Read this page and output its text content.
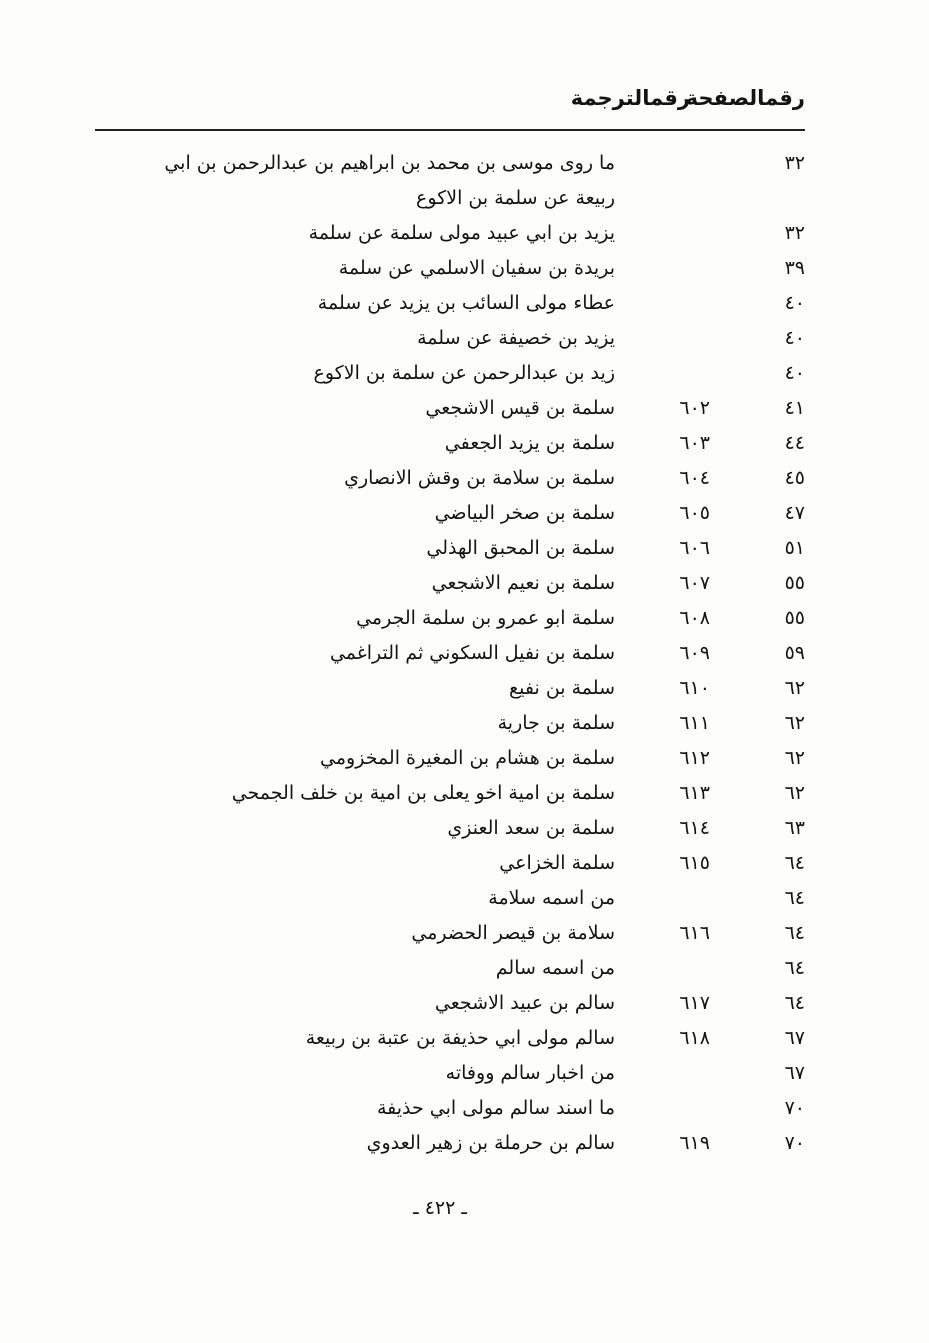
رقمالصفحة
رقمالترجمة
٣٢
ما روى موسى بن محمد بن ابراهيم بن عبدالرحمن بن ابي
ربيعة عن سلمة بن الاكوع
٣٢
يزيد بن ابي عبيد مولى سلمة عن سلمة
٣٩
بريدة بن سفيان الاسلمي عن سلمة
٤٠
عطاء مولى السائب بن يزيد عن سلمة
٤٠
يزيد بن خصيفة عن سلمة
٤٠
زيد بن عبدالرحمن عن سلمة بن الاكوع
٤١
٦٠٢
سلمة بن قيس الاشجعي
٤٤
٦٠٣
سلمة بن يزيد الجعفي
٤٥
٦٠٤
سلمة بن سلامة بن وقش الانصاري
٤٧
٦٠٥
سلمة بن صخر البياضي
٥١
٦٠٦
سلمة بن المحبق الهذلي
٥٥
٦٠٧
سلمة بن نعيم الاشجعي
٥٥
٦٠٨
سلمة ابو عمرو بن سلمة الجرمي
٥٩
٦٠٩
سلمة بن نفيل السكوني ثم التراغمي
٦٢
٦١٠
سلمة بن نفيع
٦٢
٦١١
سلمة بن جارية
٦٢
٦١٢
سلمة بن هشام بن المغيرة المخزومي
٦٢
٦١٣
سلمة بن امية اخو يعلى بن امية بن خلف الجمحي
٦٣
٦١٤
سلمة بن سعد العنزي
٦٤
٦١٥
سلمة الخزاعي
٦٤
من اسمه سلامة
٦٤
٦١٦
سلامة بن قيصر الحضرمي
٦٤
من اسمه سالم
٦٤
٦١٧
سالم بن عبيد الاشجعي
٦٧
٦١٨
سالم مولى ابي حذيفة بن عتبة بن ربيعة
٦٧
من اخبار سالم ووفاته
٧٠
ما اسند سالم مولى ابي حذيفة
٧٠
٦١٩
سالم بن حرملة بن زهير العدوي
ـ ٤٢٢ ـ
